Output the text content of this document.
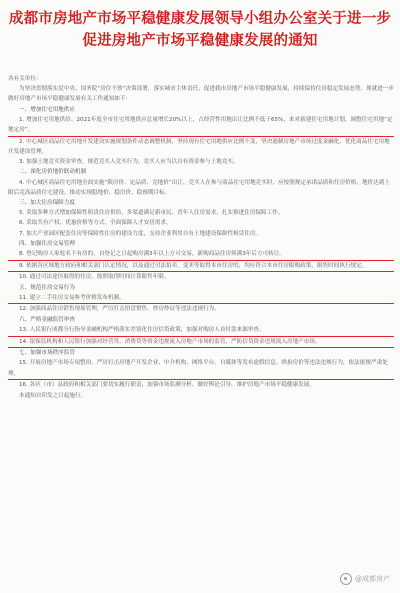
成都市房地产市场平稳健康发展领导小组办公室关于进一步促进房地产市场平稳健康发展的通知

各有关单位：

为坚决贯彻落实党中央、国务院“房住不炒”决策部署，落实城市主体责任，促进我市房地产市场平稳健康发展，持续保持住房稳定发展态势，现就进一步做好房地产市场平稳健康发展有关工作通知如下：

一、增加住宅用地供应

1. 增加住宅用地供给。2021年度全市住宅用地供应总量增长20%以上，占经营性用地出让比例不低于65%，来对新建住宅用地计划，调整住宅用地“定地定房”。

2. 中心城区商品住宅用地开发建设实施规划条件动态调整机制，坚持现有住宅用地供应比例不变，坚决遏制房地产市场过度金融化，优化商品住宅用地开发建设管理。

3. 加强土地竞买资金审查，规范竞买人竞买行为，竞买人应当以自有资金参与土地竞买。

二、深化房价地价联动机制

4. 中心城区商品住宅用地全面实施“限房价、定品质、竞地价”出让，竞买人在参与商品住宅用地竞买时，应按照规定承诺品质和住房价格，地价达到上限后竞高品质住宅建设，推动实现稳地价、稳房价、稳预期目标。

三、加大住房保障力度

5. 采取多种方式增加保障性租赁住房供给，多渠道满足新市民、青年人住房需求，扎实推进住房保障工作。

6. 采取共有产权、优惠价格等方式，全面保障人才安居需求。

7. 加大产业园区配套住房等保障性住房的建设力度，支持企业利用自有土地建设保障性租赁住房。

四、加强住房交易管理

8. 登记购房人家庭名下有房的，自登记之日起购房满3年以上方可交易，新购商品住房须满3年后方可转让。

9. 依据各区域地方政府和相关部门认定情况，以及通过司法拍卖、变卖等取得本市住房的，均应符合本市住房限购政策，限售时间执行规定。

10. 通过司法途径取得的住房，按照取得时间计算限售年限。

五、规范住房交易行为

11. 建立二手住房交易参考价格发布机制。

12. 加强商品住房销售现场管理，严厉打击捂盘惜售、炒房炒证等违法违规行为。

六、严格金融监管审查

13. 人民银行成都分行指导金融机构严格落实差别化住房信贷政策，加强对购房人首付款来源审查。

14. 银保监机构和人民银行加强对经营贷、消费贷等资金违规流入房地产市场的监管，严防信贷资金违规流入房地产市场。

七、加强市场秩序监管

15. 开展房地产市场专项整治，严厉打击房地产开发企业、中介机构、网络平台、自媒体等发布虚假信息、哄抬房价等违法违规行为，依法依规严肃处理。

16. 各区（市）县政府和相关部门要切实履行职责，加强市场监测分析，做好舆论引导，维护房地产市场平稳健康发展。

本通知自印发之日起施行。

@成都房产
